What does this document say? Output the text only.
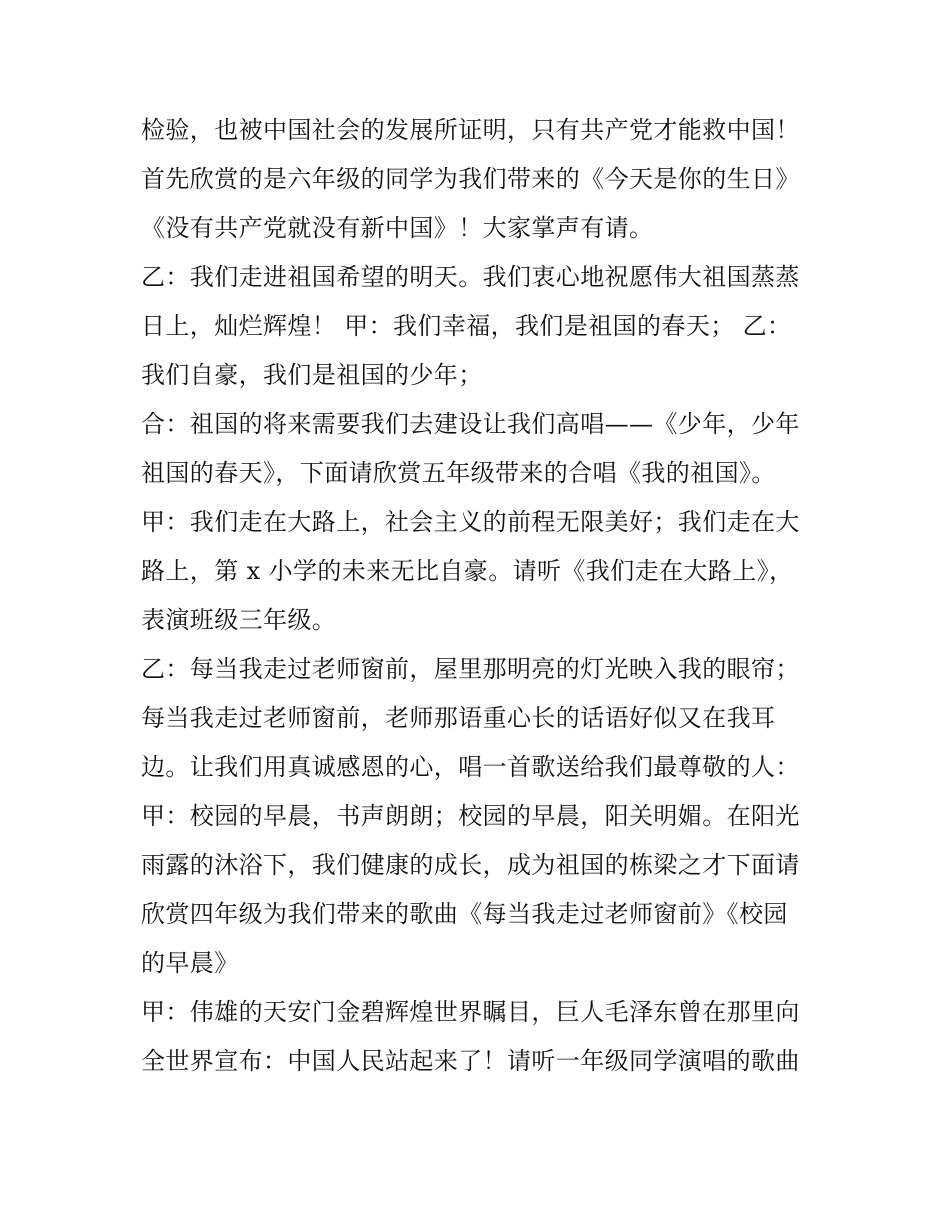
检验，也被中国社会的发展所证明，只有共产党才能救中国！
首先欣赏的是六年级的同学为我们带来的《今天是你的生日》
《没有共产党就没有新中国》！大家掌声有请。
乙：我们走进祖国希望的明天。我们衷心地祝愿伟大祖国蒸蒸
日上，灿烂辉煌！ 甲：我们幸福，我们是祖国的春天； 乙：
我们自豪，我们是祖国的少年；
合：祖国的将来需要我们去建设让我们高唱——《少年，少年
祖国的春天》，下面请欣赏五年级带来的合唱《我的祖国》。
甲：我们走在大路上，社会主义的前程无限美好；我们走在大
路上，第 x 小学的未来无比自豪。请听《我们走在大路上》，
表演班级三年级。
乙：每当我走过老师窗前，屋里那明亮的灯光映入我的眼帘；
每当我走过老师窗前，老师那语重心长的话语好似又在我耳
边。让我们用真诚感恩的心，唱一首歌送给我们最尊敬的人：
甲：校园的早晨，书声朗朗；校园的早晨，阳关明媚。在阳光
雨露的沐浴下，我们健康的成长，成为祖国的栋梁之才下面请
欣赏四年级为我们带来的歌曲《每当我走过老师窗前》《校园
的早晨》
甲：伟雄的天安门金碧辉煌世界瞩目，巨人毛泽东曾在那里向
全世界宣布：中国人民站起来了！请听一年级同学演唱的歌曲
